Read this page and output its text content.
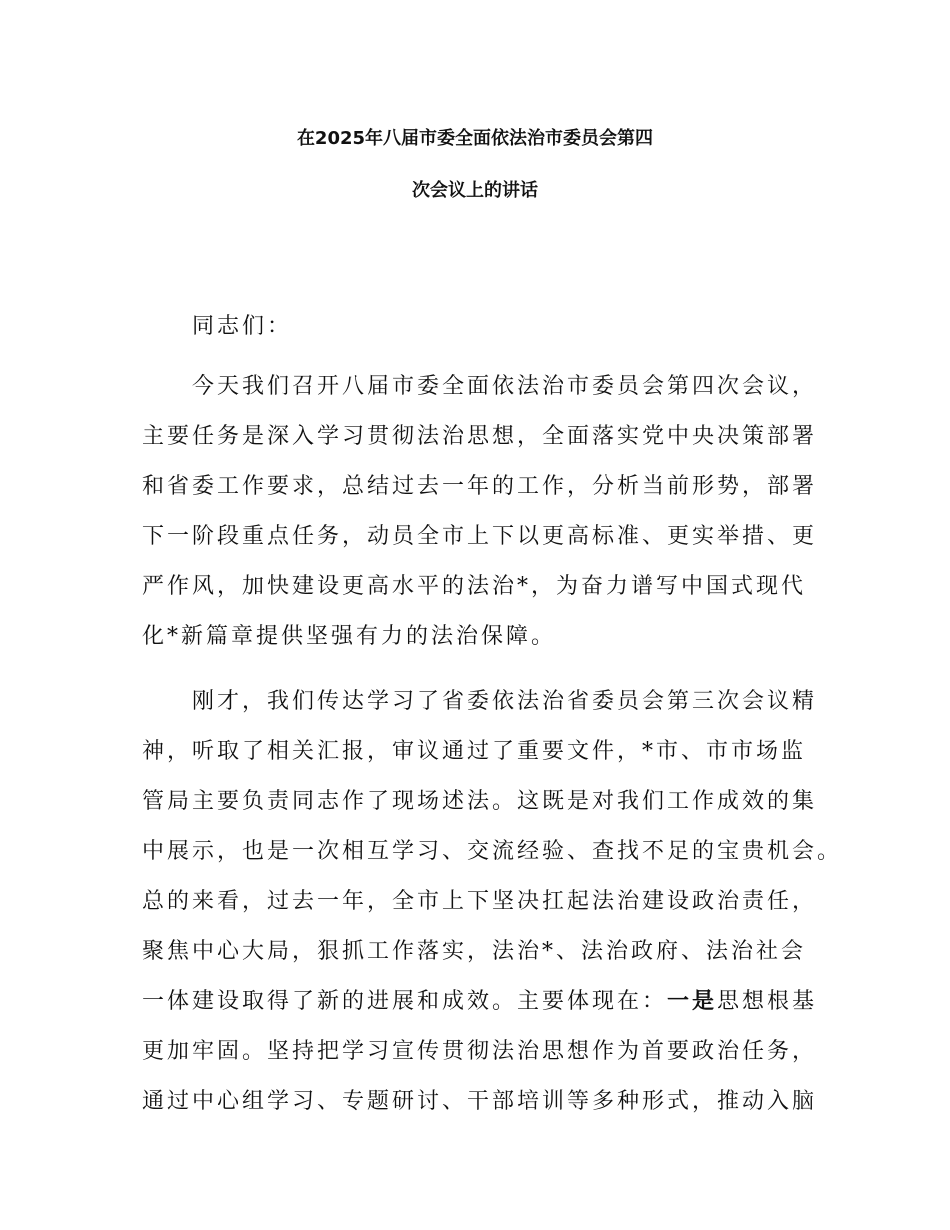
在2025年八届市委全面依法治市委员会第四
次会议上的讲话
同志们：
今天我们召开八届市委全面依法治市委员会第四次会议，
主要任务是深入学习贯彻法治思想，全面落实党中央决策部署
和省委工作要求，总结过去一年的工作，分析当前形势，部署
下一阶段重点任务，动员全市上下以更高标准、更实举措、更
严作风，加快建设更高水平的法治*，为奋力谱写中国式现代
化*新篇章提供坚强有力的法治保障。
刚才，我们传达学习了省委依法治省委员会第三次会议精
神，听取了相关汇报，审议通过了重要文件，*市、市市场监
管局主要负责同志作了现场述法。这既是对我们工作成效的集
中展示，也是一次相互学习、交流经验、查找不足的宝贵机会。
总的来看，过去一年，全市上下坚决扛起法治建设政治责任，
聚焦中心大局，狠抓工作落实，法治*、法治政府、法治社会
一体建设取得了新的进展和成效。主要体现在：一是思想根基
更加牢固。坚持把学习宣传贯彻法治思想作为首要政治任务，
通过中心组学习、专题研讨、干部培训等多种形式，推动入脑
